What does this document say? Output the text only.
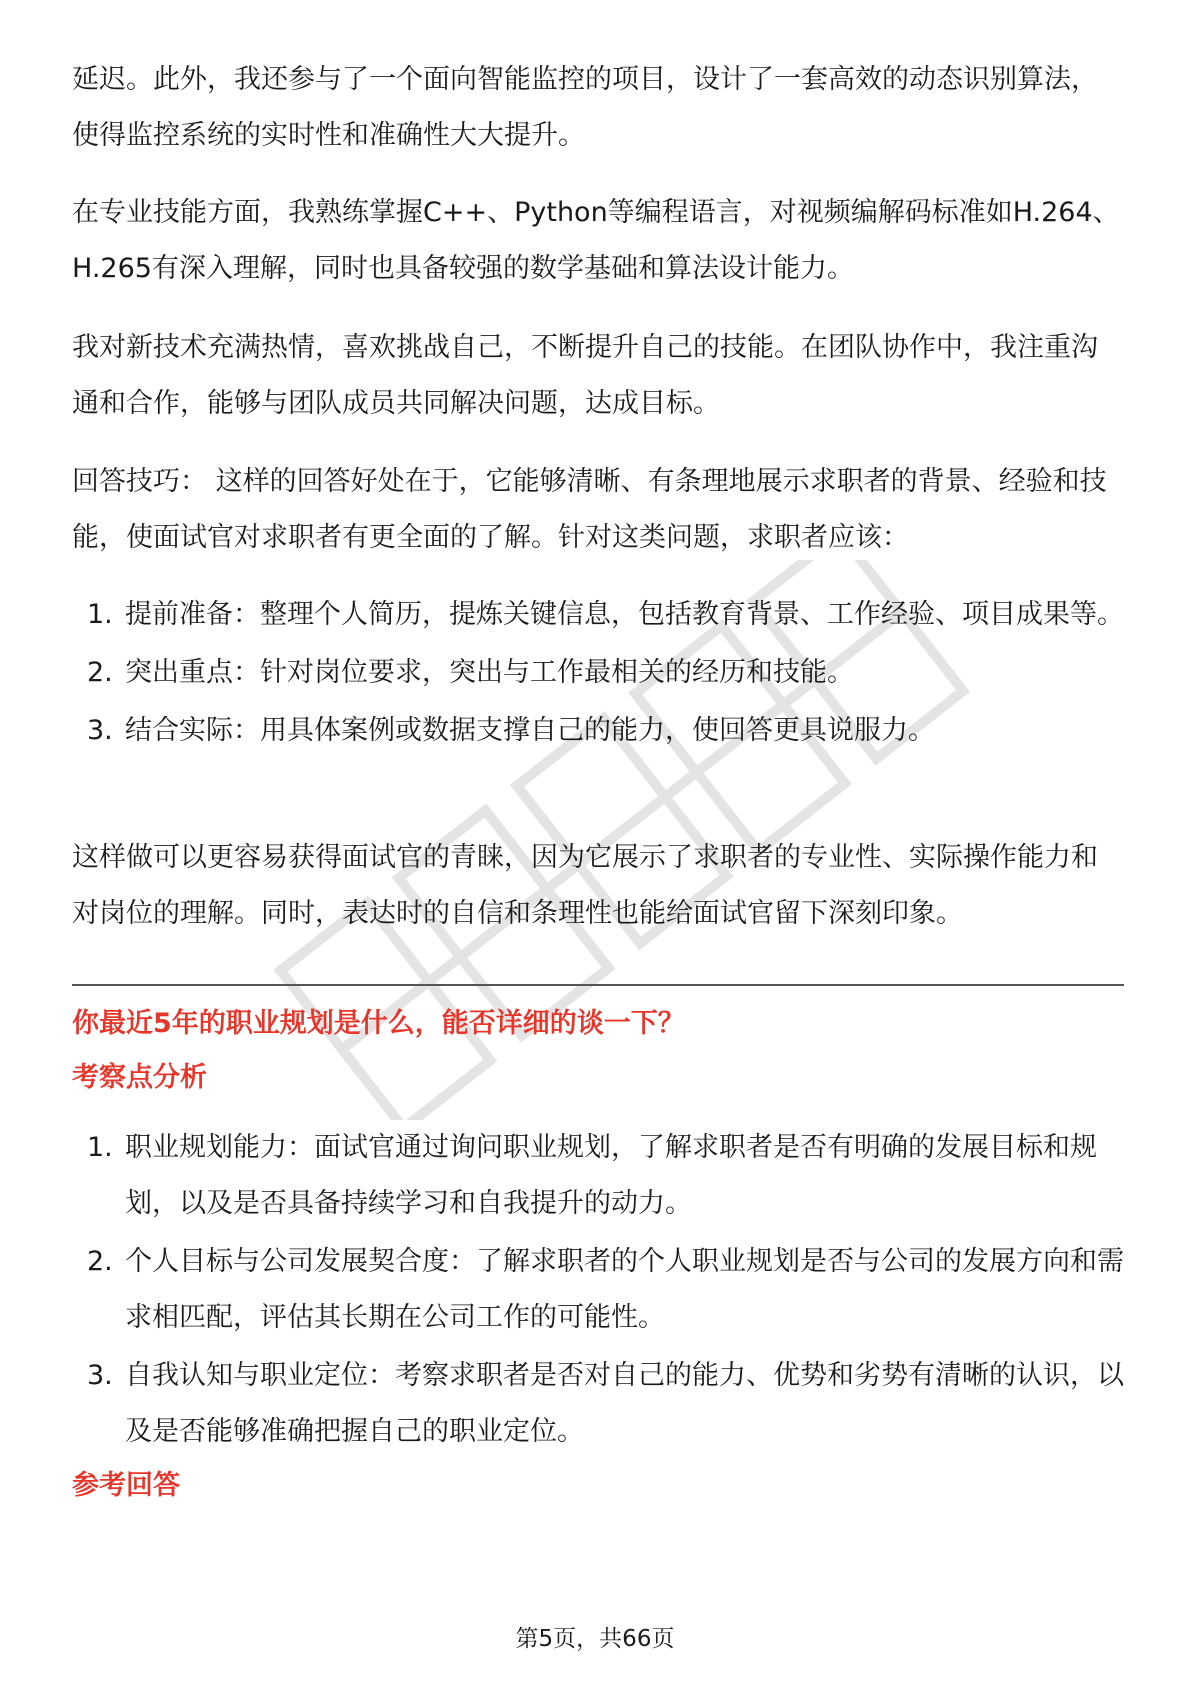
延迟。此外，我还参与了一个面向智能监控的项目，设计了一套高效的动态识别算法，使得监控系统的实时性和准确性大大提升。

在专业技能方面，我熟练掌握C++、Python等编程语言，对视频编解码标准如H.264、H.265有深入理解，同时也具备较强的数学基础和算法设计能力。

我对新技术充满热情，喜欢挑战自己，不断提升自己的技能。在团队协作中，我注重沟通和合作，能够与团队成员共同解决问题，达成目标。

回答技巧： 这样的回答好处在于，它能够清晰、有条理地展示求职者的背景、经验和技能，使面试官对求职者有更全面的了解。针对这类问题，求职者应该：

1. 提前准备：整理个人简历，提炼关键信息，包括教育背景、工作经验、项目成果等。
2. 突出重点：针对岗位要求，突出与工作最相关的经历和技能。
3. 结合实际：用具体案例或数据支撑自己的能力，使回答更具说服力。

这样做可以更容易获得面试官的青睐，因为它展示了求职者的专业性、实际操作能力和对岗位的理解。同时，表达时的自信和条理性也能给面试官留下深刻印象。

你最近5年的职业规划是什么，能否详细的谈一下？

考察点分析

1. 职业规划能力：面试官通过询问职业规划，了解求职者是否有明确的发展目标和规划，以及是否具备持续学习和自我提升的动力。
2. 个人目标与公司发展契合度：了解求职者的个人职业规划是否与公司的发展方向和需求相匹配，评估其长期在公司工作的可能性。
3. 自我认知与职业定位：考察求职者是否对自己的能力、优势和劣势有清晰的认识，以及是否能够准确把握自己的职业定位。

参考回答

第5页，共66页
